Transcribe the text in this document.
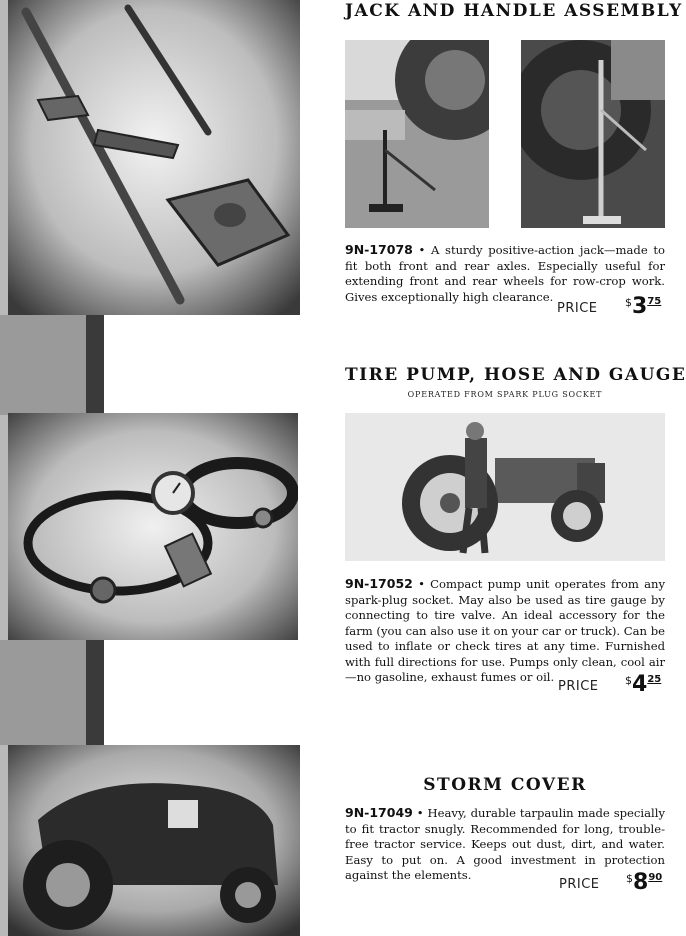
JACK AND HANDLE ASSEMBLY
9N-17078 • A sturdy positive-action jack—made to fit both front and rear axles. Especially useful for extending front and rear wheels for row-crop work. Gives exceptionally high clearance.
PRICE	$^{\$}3^{75}$
TIRE PUMP, HOSE AND GAUGE
OPERATED FROM SPARK PLUG SOCKET
9N-17052 • Compact pump unit operates from any spark-plug socket. May also be used as tire gauge by connecting to tire valve. An ideal accessory for the farm (you can also use it on your car or truck). Can be used to inflate or check tires at any time. Furnished with full directions for use. Pumps only clean, cool air—no gasoline, exhaust fumes or oil.
PRICE $^{\$}4^{25}$
STORM COVER
9N-17049 • Heavy, durable tarpaulin made specially to fit tractor snugly. Recommended for long, trouble-free tractor service. Keeps out dust, dirt, and water. Easy to put on. A good investment in protection against the elements.
PRICE $^{\$}8^{90}$
